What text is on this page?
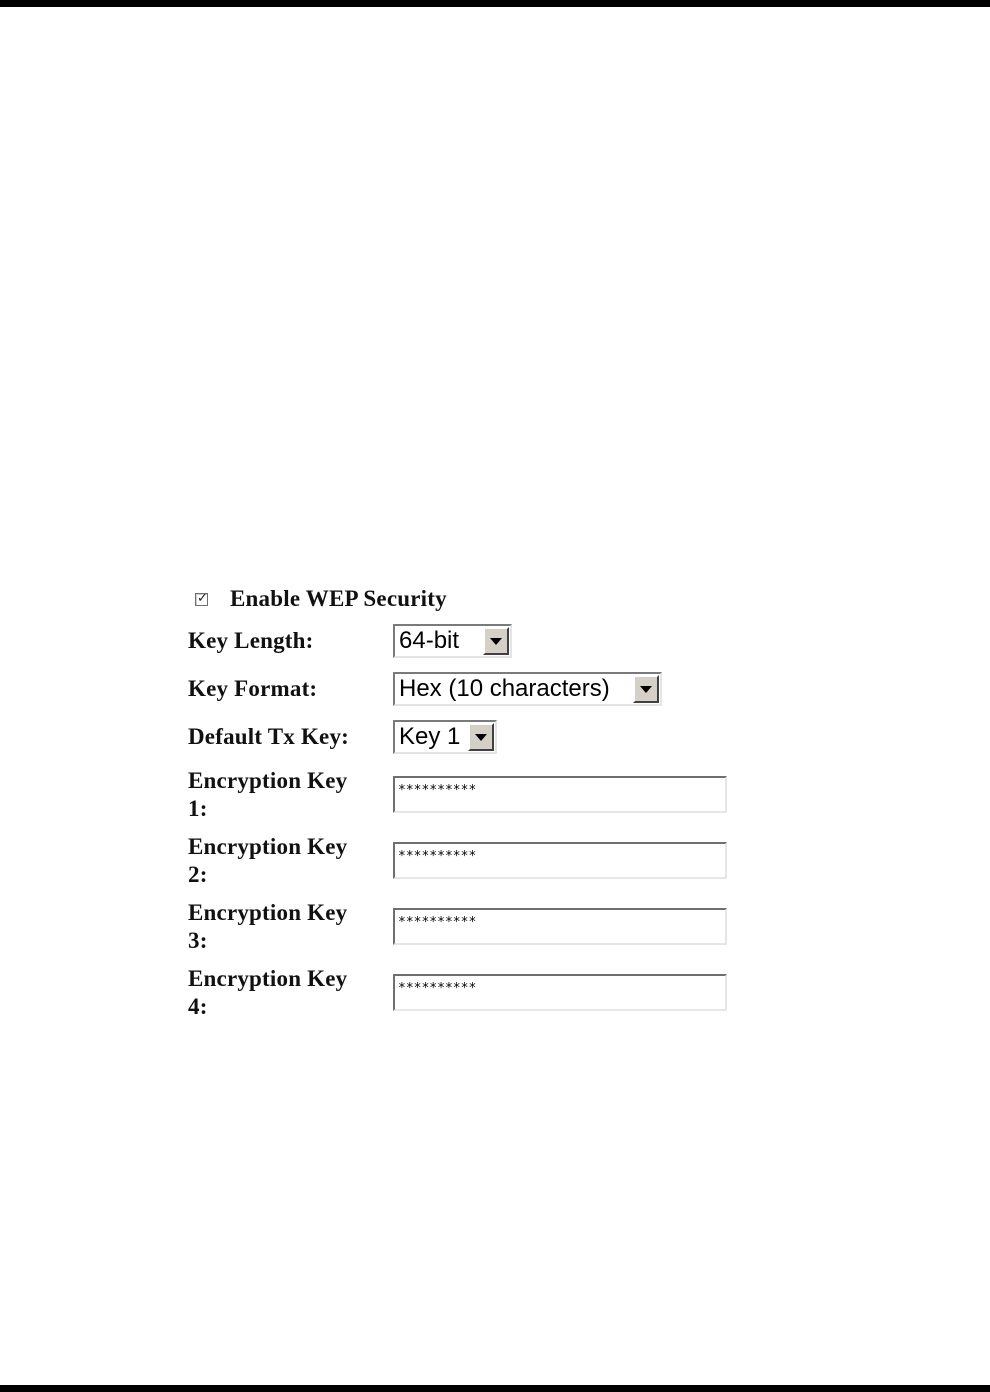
✓ Enable WEP Security
Key Length:	64-bit
Key Format:	Hex (10 characters)
Default Tx Key: Key 1
Encryption Key
1:
**********
Encryption Key
2:
**********
Encryption Key
3:
**********
Encryption Key
4:
**********
